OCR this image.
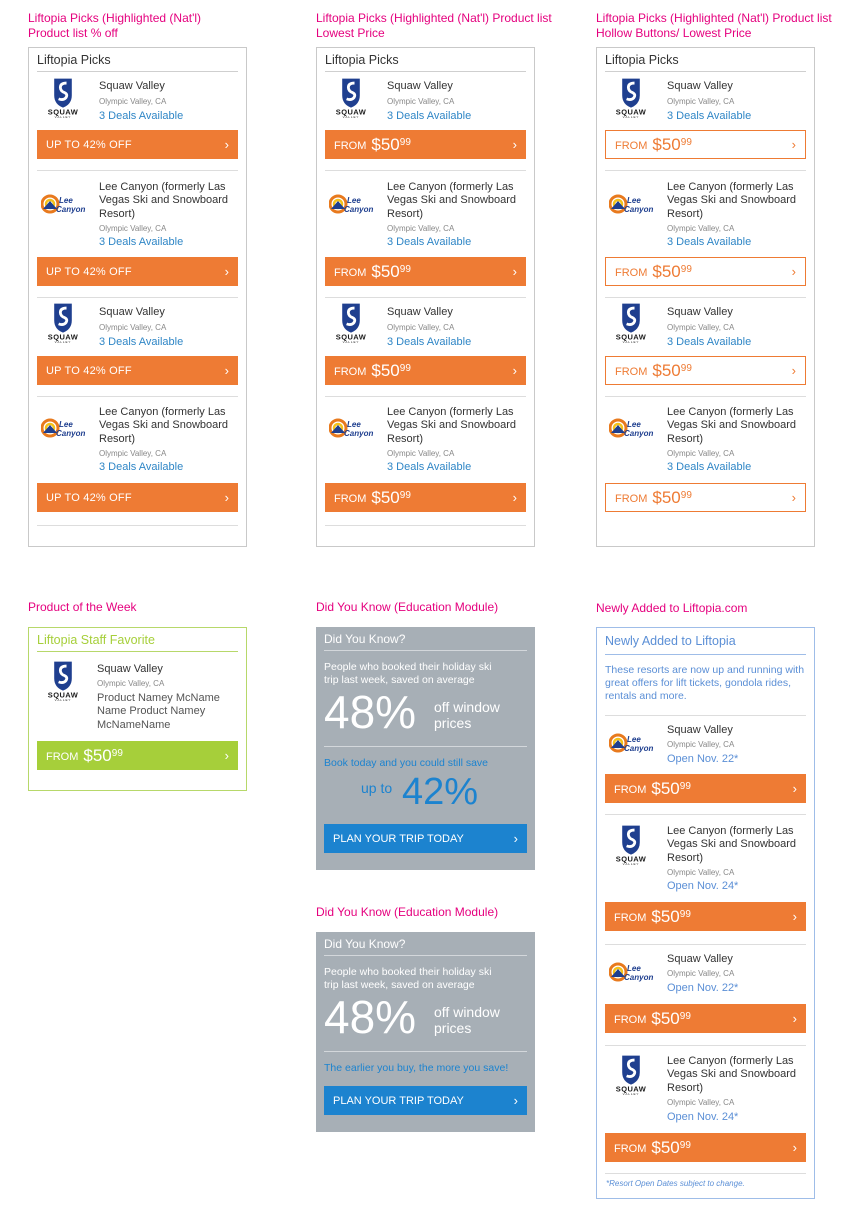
Liftopia Picks (Highlighted (Nat'l) Product list % off
Liftopia Picks
Squaw Valley
Olympic Valley, CA
3 Deals Available
UP TO 42% OFF	›
Lee Canyon (formerly Las Vegas Ski and Snowboard Resort)
Olympic Valley, CA
3 Deals Available
UP TO 42% OFF	›
Squaw Valley
Olympic Valley, CA
3 Deals Available
UP TO 42% OFF	›
Lee Canyon (formerly Las Vegas Ski and Snowboard Resort)
Olympic Valley, CA
3 Deals Available
UP TO 42% OFF	›
Liftopia Picks (Highlighted (Nat'l) Product list Lowest Price
Liftopia Picks
Squaw Valley
Olympic Valley, CA
3 Deals Available
FROM $50 99	›
Lee Canyon (formerly Las Vegas Ski and Snowboard Resort)
Olympic Valley, CA
3 Deals Available
FROM $50 99	›
Squaw Valley
Olympic Valley, CA
3 Deals Available
FROM $50 99	›
Lee Canyon (formerly Las Vegas Ski and Snowboard Resort)
Olympic Valley, CA
3 Deals Available
FROM $50 99	›
Liftopia Picks (Highlighted (Nat'l) Product list Hollow Buttons/ Lowest Price
Liftopia Picks
Squaw Valley
Olympic Valley, CA
3 Deals Available
FROM $50 99	›
Lee Canyon (formerly Las Vegas Ski and Snowboard Resort)
Olympic Valley, CA
3 Deals Available
FROM $50 99	›
Squaw Valley
Olympic Valley, CA
3 Deals Available
FROM $50 99	›
Lee Canyon (formerly Las Vegas Ski and Snowboard Resort)
Olympic Valley, CA
3 Deals Available
FROM $50 99	›
Product of the Week
Liftopia Staff Favorite
Squaw Valley
Olympic Valley, CA
Product Namey McName Name Product Namey McNameName
FROM $50 99	›
Did You Know (Education Module)
Did You Know?
People who booked their holiday ski trip last week, saved on average
48% off window prices
Book today and you could still save
up to 42%
PLAN YOUR TRIP TODAY	›
Did You Know (Education Module)
Did You Know?
People who booked their holiday ski trip last week, saved on average
48% off window prices
The earlier you buy, the more you save!
PLAN YOUR TRIP TODAY	›
Newly Added to Liftopia.com
Newly Added to Liftopia
These resorts are now up and running with great offers for lift tickets, gondola rides, rentals and more.
Squaw Valley
Olympic Valley, CA
Open Nov. 22*
FROM $50 99	›
Lee Canyon (formerly Las Vegas Ski and Snowboard Resort)
Olympic Valley, CA
Open Nov. 24*
FROM $50 99	›
Squaw Valley
Olympic Valley, CA
Open Nov. 22*
FROM $50 99	›
Lee Canyon (formerly Las Vegas Ski and Snowboard Resort)
Olympic Valley, CA
Open Nov. 24*
FROM $50 99	›
*Resort Open Dates subject to change.
